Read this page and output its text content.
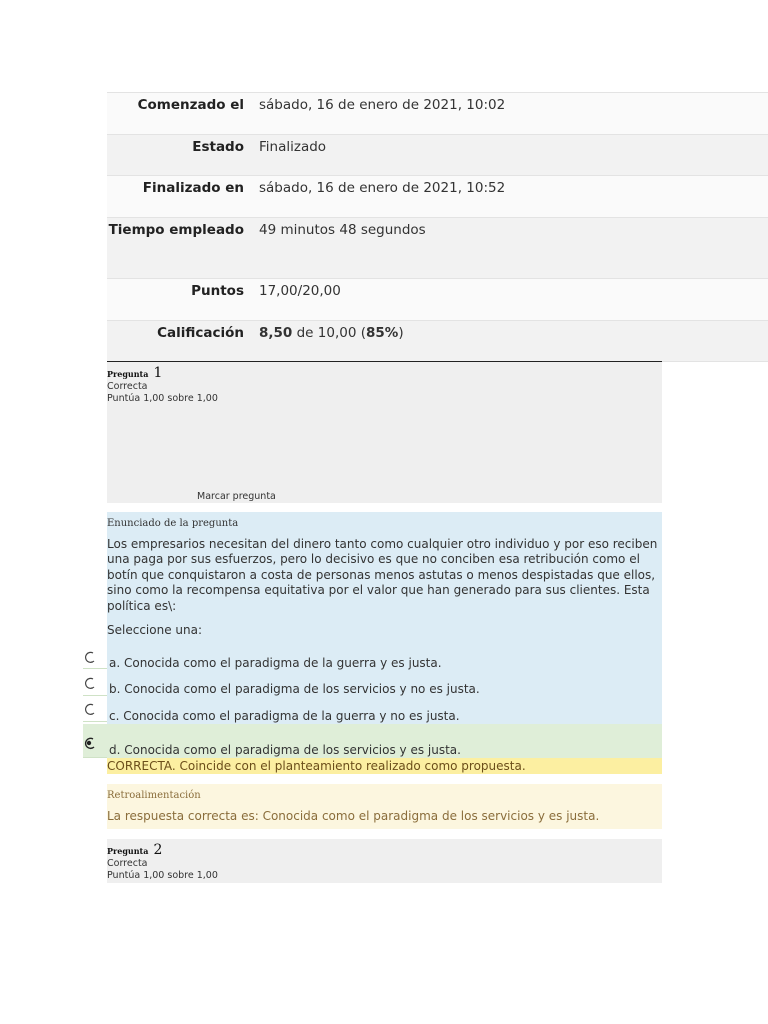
Comenzado el	sábado, 16 de enero de 2021, 10:02
Estado	Finalizado
Finalizado en	sábado, 16 de enero de 2021, 10:52
Tiempo empleado	49 minutos 48 segundos
Puntos	17,00/20,00
Calificación	8,50 de 10,00 (85%)
Pregunta 1
Correcta
Puntúa 1,00 sobre 1,00
Marcar pregunta
Enunciado de la pregunta
Los empresarios necesitan del dinero tanto como cualquier otro individuo y por eso reciben una paga por sus esfuerzos, pero lo decisivo es que no conciben esa retribución como el botín que conquistaron a costa de personas menos astutas o menos despistadas que ellos, sino como la recompensa equitativa por el valor que han generado para sus clientes. Esta política es\:
Seleccione una:
a. Conocida como el paradigma de la guerra y es justa.
b. Conocida como el paradigma de los servicios y no es justa.
c. Conocida como el paradigma de la guerra y no es justa.
d. Conocida como el paradigma de los servicios y es justa.
CORRECTA. Coincide con el planteamiento realizado como propuesta.
Retroalimentación
La respuesta correcta es: Conocida como el paradigma de los servicios y es justa.
Pregunta 2
Correcta
Puntúa 1,00 sobre 1,00
